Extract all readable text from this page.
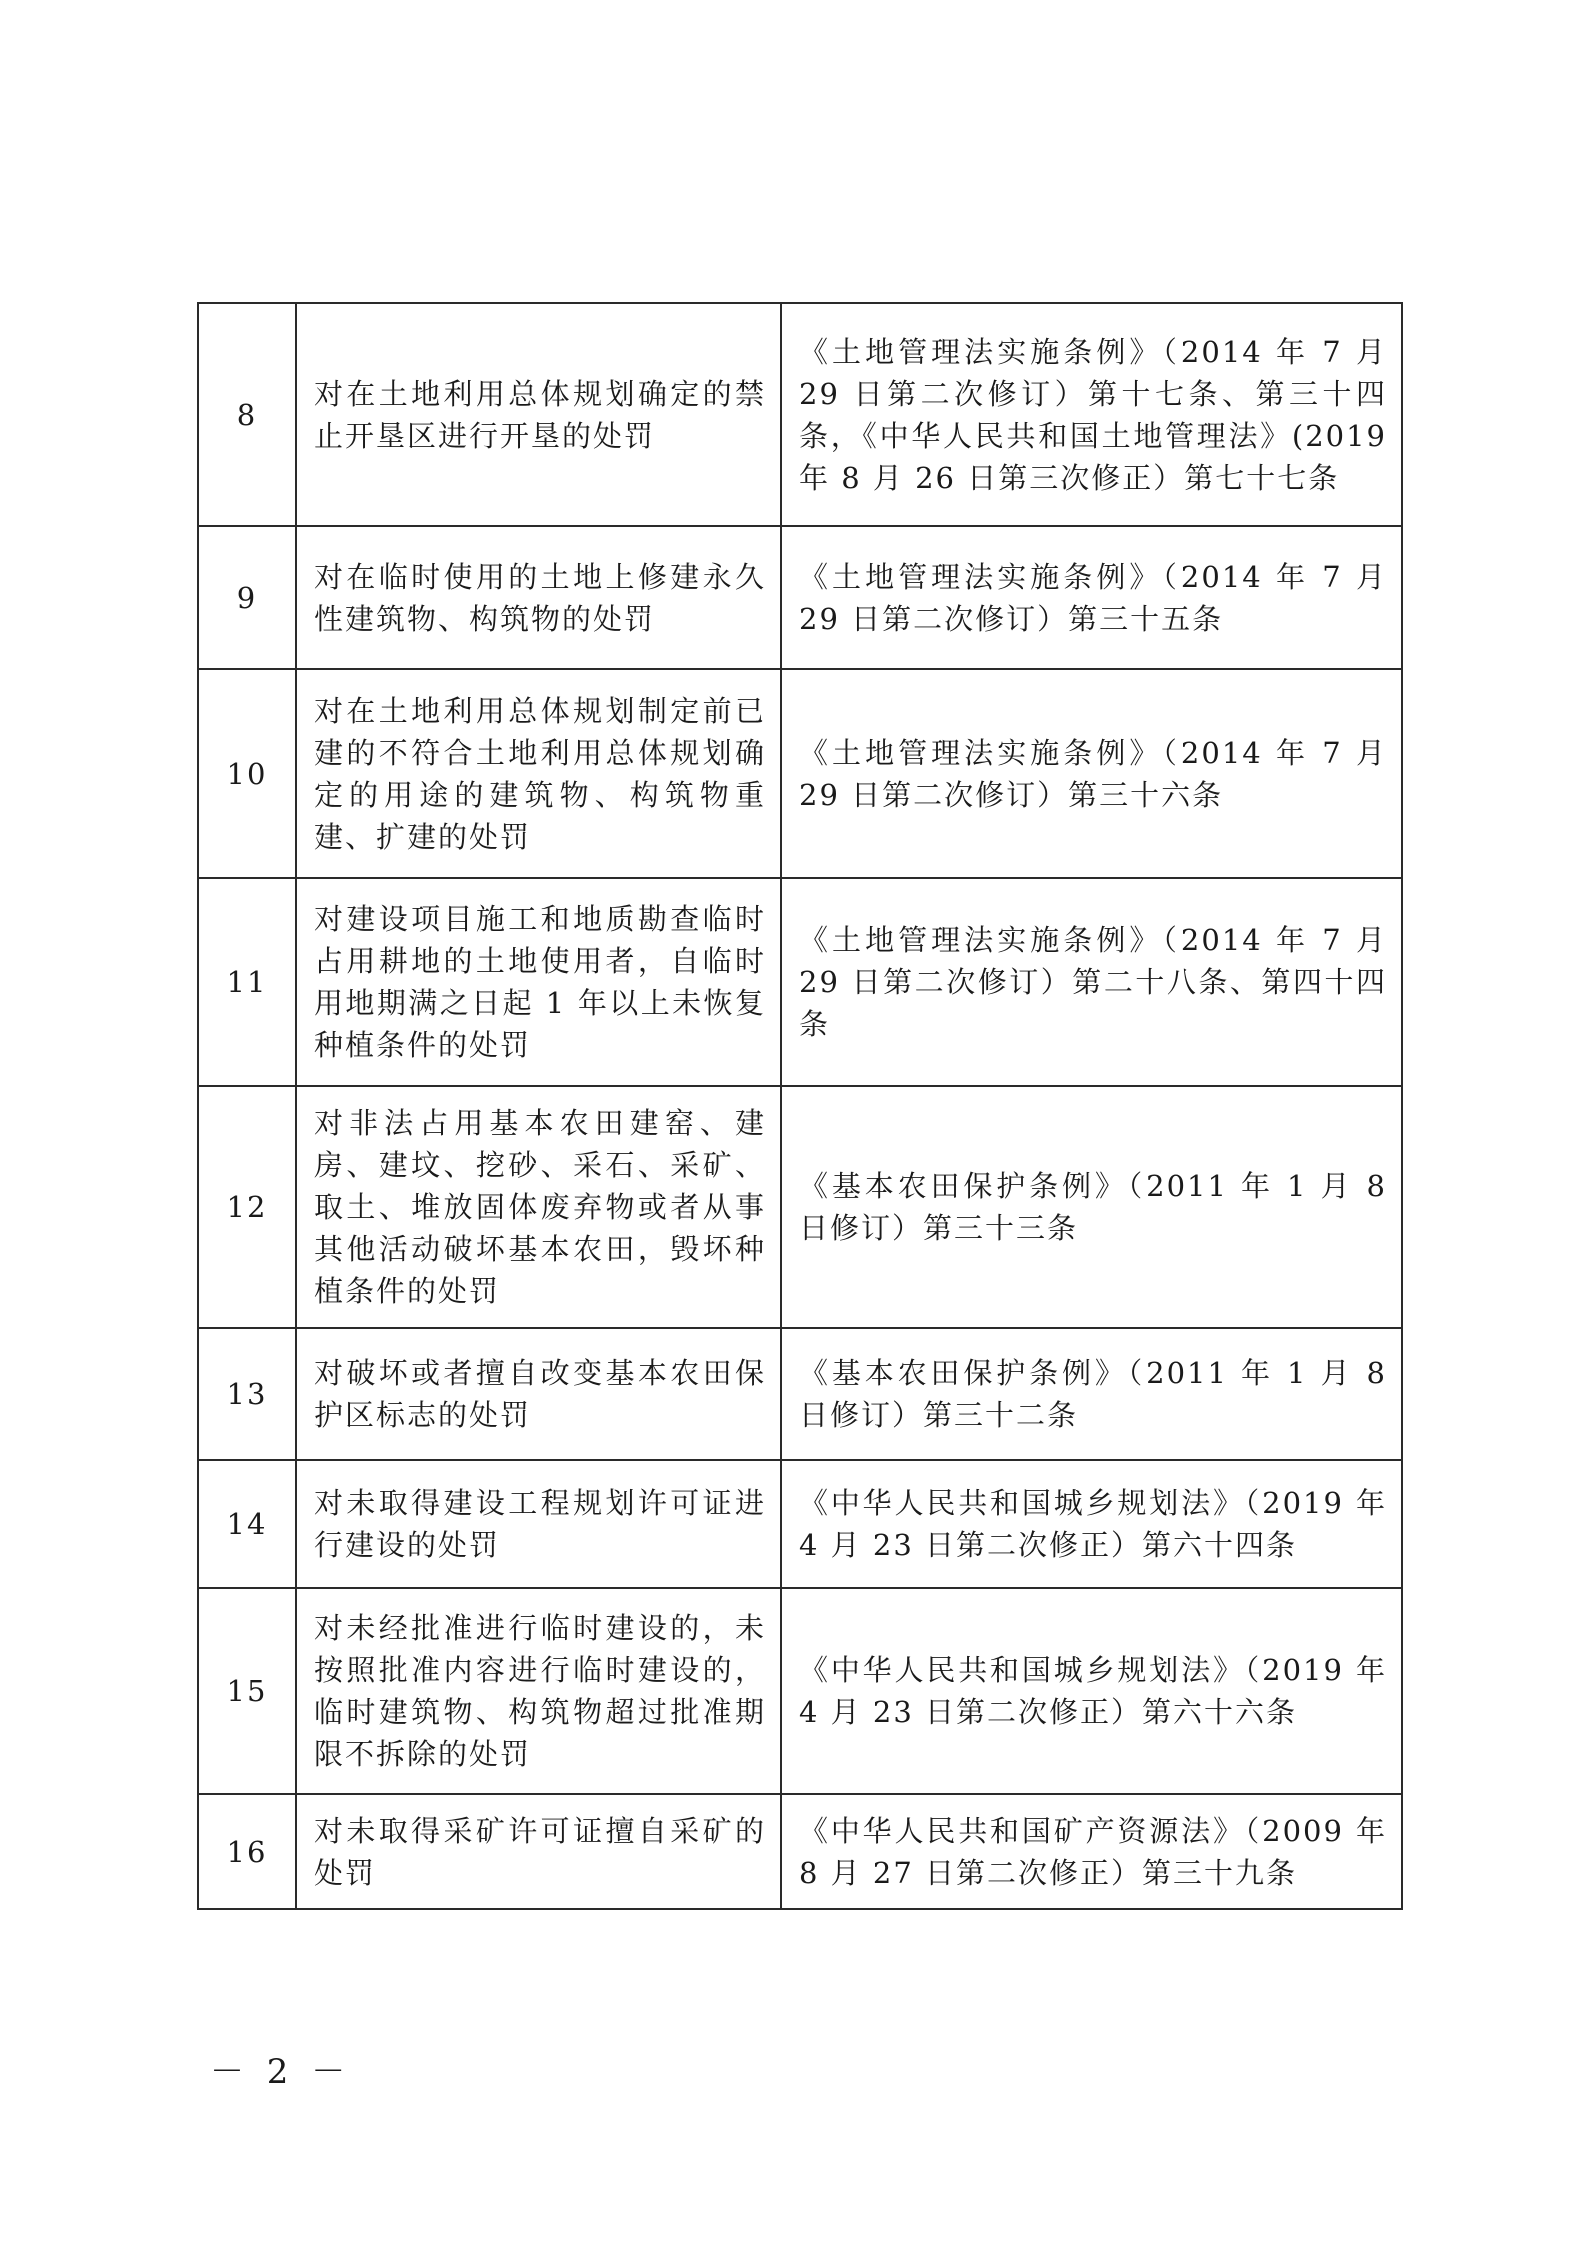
8	对在土地利用总体规划确定的禁止开垦区进行开垦的处罚	《土地管理法实施条例》（2014 年 7 月 29 日第二次修订）第十七条、第三十四条，《中华人民共和国土地管理法》(2019 年 8 月 26 日第三次修正）第七十七条
9	对在临时使用的土地上修建永久性建筑物、构筑物的处罚	《土地管理法实施条例》（2014 年 7 月 29 日第二次修订）第三十五条
10	对在土地利用总体规划制定前已建的不符合土地利用总体规划确定的用途的建筑物、构筑物重建、扩建的处罚	《土地管理法实施条例》（2014 年 7 月 29 日第二次修订）第三十六条
11	对建设项目施工和地质勘查临时占用耕地的土地使用者，自临时用地期满之日起 1 年以上未恢复种植条件的处罚	《土地管理法实施条例》（2014 年 7 月 29 日第二次修订）第二十八条、第四十四条
12	对非法占用基本农田建窑、建房、建坟、挖砂、采石、采矿、取土、堆放固体废弃物或者从事其他活动破坏基本农田，毁坏种植条件的处罚	《基本农田保护条例》（2011 年 1 月 8 日修订）第三十三条
13	对破坏或者擅自改变基本农田保护区标志的处罚	《基本农田保护条例》（2011 年 1 月 8 日修订）第三十二条
14	对未取得建设工程规划许可证进行建设的处罚	《中华人民共和国城乡规划法》（2019 年 4 月 23 日第二次修正）第六十四条
15	对未经批准进行临时建设的，未按照批准内容进行临时建设的，临时建筑物、构筑物超过批准期限不拆除的处罚	《中华人民共和国城乡规划法》（2019 年 4 月 23 日第二次修正）第六十六条
16	对未取得采矿许可证擅自采矿的处罚	《中华人民共和国矿产资源法》（2009 年 8 月 27 日第二次修正）第三十九条
－ 2 －
